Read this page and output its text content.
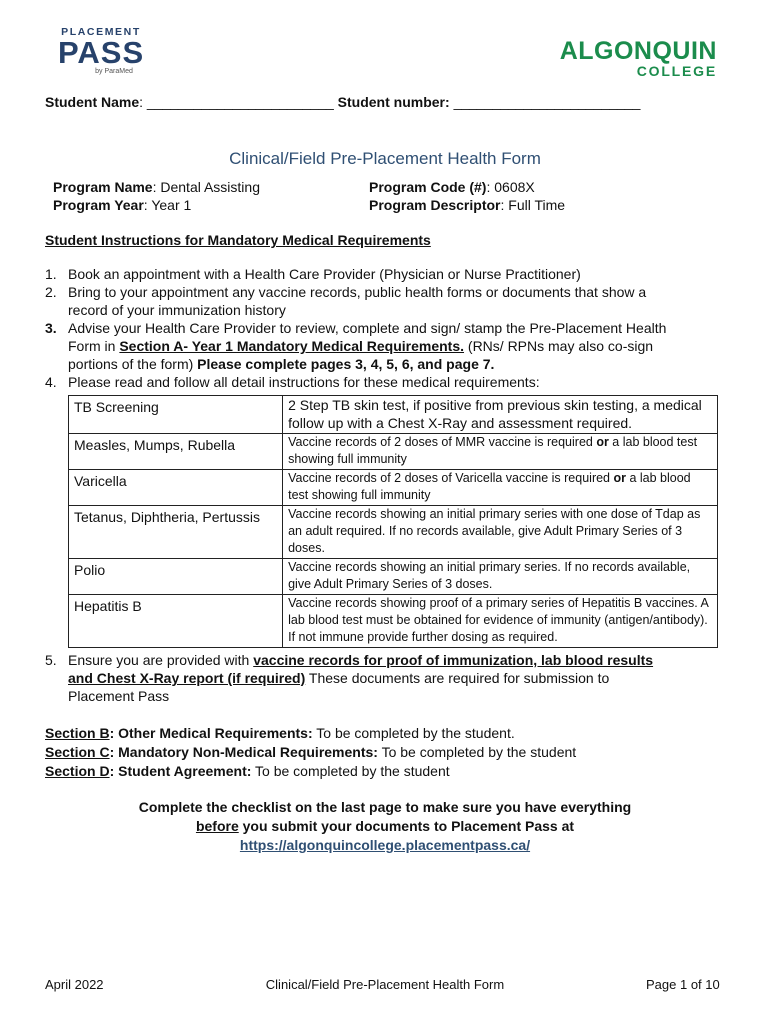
PLACEMENT
PASS
by ParaMed
ALGONQUIN
COLLEGE
Student Name: ________________________ Student number: ________________________
Clinical/Field Pre-Placement Health Form
Program Name: Dental Assisting
Program Year: Year 1
Program Code (#): 0608X
Program Descriptor: Full Time
Student Instructions for Mandatory Medical Requirements
1. Book an appointment with a Health Care Provider (Physician or Nurse Practitioner)
2. Bring to your appointment any vaccine records, public health forms or documents that show a
record of your immunization history
3. Advise your Health Care Provider to review, complete and sign/ stamp the Pre-Placement Health
Form in Section A- Year 1 Mandatory Medical Requirements. (RNs/ RPNs may also co-sign
portions of the form) Please complete pages 3, 4, 5, 6, and page 7.
4. Please read and follow all detail instructions for these medical requirements:
TB Screening	2 Step TB skin test, if positive from previous skin testing, a medical follow up with a Chest X-Ray and assessment required.
Measles, Mumps, Rubella	Vaccine records of 2 doses of MMR vaccine is required or a lab blood test showing full immunity
Varicella	Vaccine records of 2 doses of Varicella vaccine is required or a lab blood test showing full immunity
Tetanus, Diphtheria, Pertussis	Vaccine records showing an initial primary series with one dose of Tdap as an adult required. If no records available, give Adult Primary Series of 3 doses.
Polio	Vaccine records showing an initial primary series. If no records available, give Adult Primary Series of 3 doses.
Hepatitis B	Vaccine records showing proof of a primary series of Hepatitis B vaccines. A lab blood test must be obtained for evidence of immunity (antigen/antibody). If not immune provide further dosing as required.
5. Ensure you are provided with vaccine records for proof of immunization, lab blood results
and Chest X-Ray report (if required) These documents are required for submission to
Placement Pass
Section B: Other Medical Requirements: To be completed by the student.
Section C: Mandatory Non-Medical Requirements: To be completed by the student
Section D: Student Agreement: To be completed by the student
Complete the checklist on the last page to make sure you have everything
before you submit your documents to Placement Pass at
https://algonquincollege.placementpass.ca/
April 2022	Clinical/Field Pre-Placement Health Form	Page 1 of 10
